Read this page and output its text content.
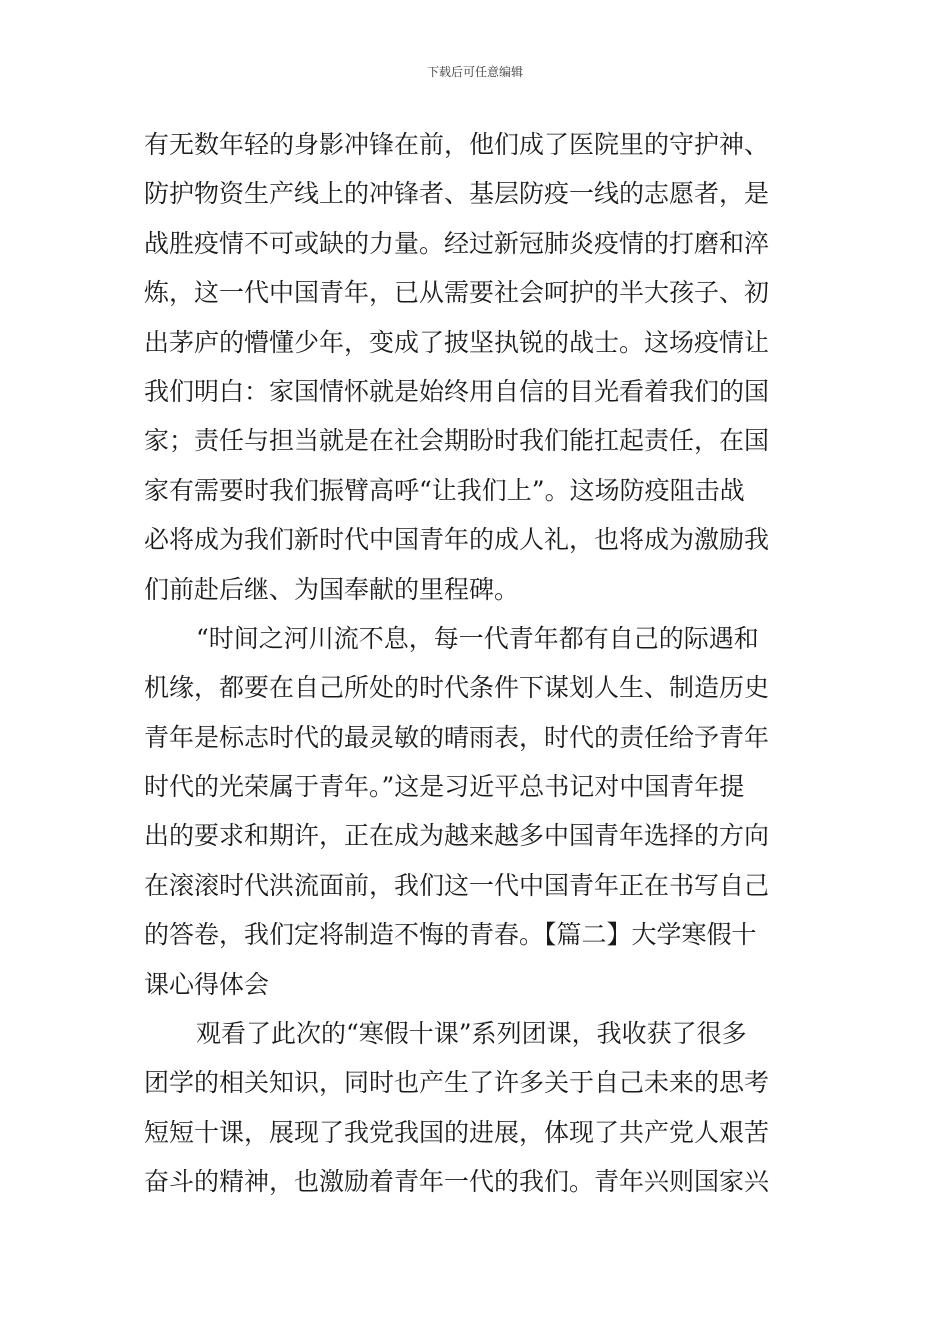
下载后可任意编辑
有无数年轻的身影冲锋在前，他们成了医院里的守护神、
防护物资生产线上的冲锋者、基层防疫一线的志愿者，是
战胜疫情不可或缺的力量。经过新冠肺炎疫情的打磨和淬
炼，这一代中国青年，已从需要社会呵护的半大孩子、初
出茅庐的懵懂少年，变成了披坚执锐的战士。这场疫情让
我们明白：家国情怀就是始终用自信的目光看着我们的国
家；责任与担当就是在社会期盼时我们能扛起责任，在国
家有需要时我们振臂高呼“让我们上”。这场防疫阻击战
必将成为我们新时代中国青年的成人礼，也将成为激励我
们前赴后继、为国奉献的里程碑。
“时间之河川流不息，每一代青年都有自己的际遇和
机缘，都要在自己所处的时代条件下谋划人生、制造历史
青年是标志时代的最灵敏的晴雨表，时代的责任给予青年
时代的光荣属于青年。”这是习近平总书记对中国青年提
出的要求和期许，正在成为越来越多中国青年选择的方向
在滚滚时代洪流面前，我们这一代中国青年正在书写自己
的答卷，我们定将制造不悔的青春。【篇二】大学寒假十
课心得体会
观看了此次的“寒假十课”系列团课，我收获了很多
团学的相关知识，同时也产生了许多关于自己未来的思考
短短十课，展现了我党我国的进展，体现了共产党人艰苦
奋斗的精神，也激励着青年一代的我们。青年兴则国家兴
